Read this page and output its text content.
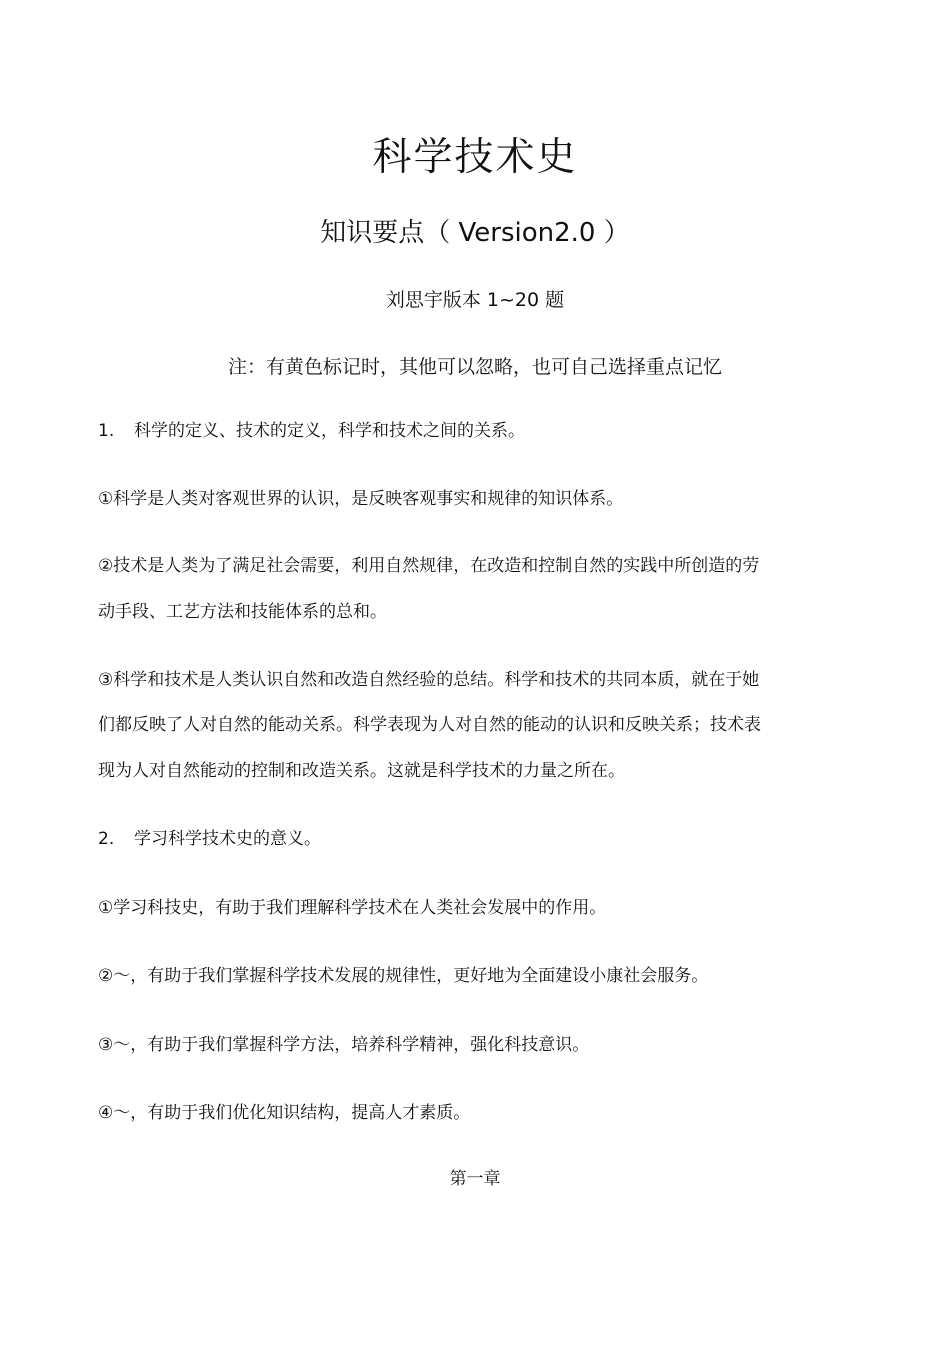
科学技术史
知识要点（ Version2.0 ）
刘思宇版本 1~20 题
注：有黄色标记时，其他可以忽略，也可自己选择重点记忆
1. 科学的定义、技术的定义，科学和技术之间的关系。
①科学是人类对客观世界的认识，是反映客观事实和规律的知识体系。
②技术是人类为了满足社会需要，利用自然规律，在改造和控制自然的实践中所创造的劳
动手段、工艺方法和技能体系的总和。
③科学和技术是人类认识自然和改造自然经验的总结。科学和技术的共同本质，就在于她
们都反映了人对自然的能动关系。科学表现为人对自然的能动的认识和反映关系；技术表
现为人对自然能动的控制和改造关系。这就是科学技术的力量之所在。
2. 学习科学技术史的意义。
①学习科技史，有助于我们理解科学技术在人类社会发展中的作用。
②～，有助于我们掌握科学技术发展的规律性，更好地为全面建设小康社会服务。
③～，有助于我们掌握科学方法，培养科学精神，强化科技意识。
④～，有助于我们优化知识结构，提高人才素质。
第一章
